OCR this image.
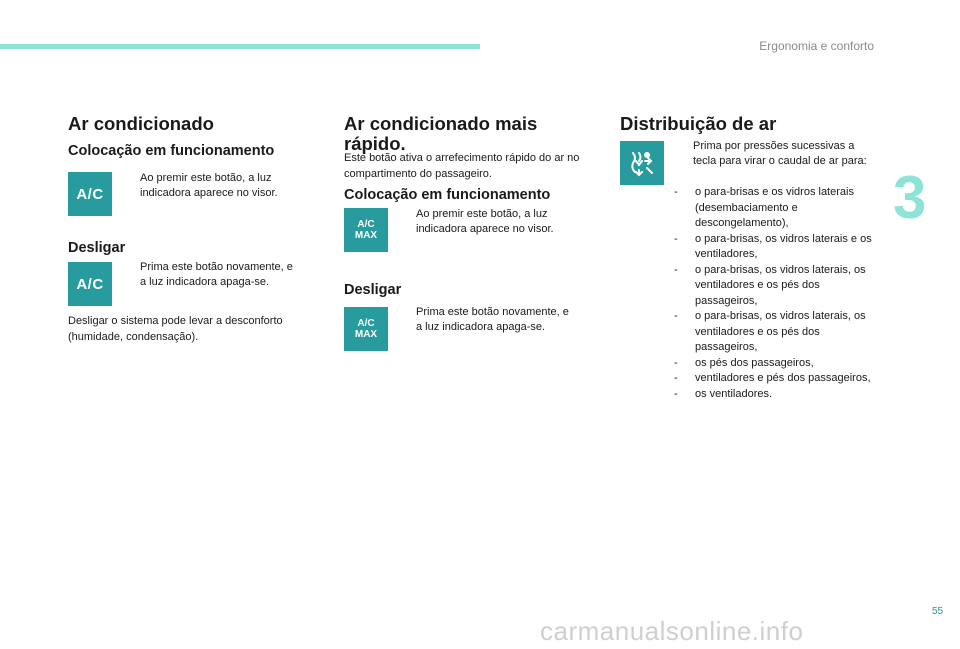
Ergonomia e conforto
3
Ar condicionado
Colocação em funcionamento
A/C
Ao premir este botão, a luz indicadora aparece no visor.
Desligar
A/C
Prima este botão novamente, e a luz indicadora apaga-se.

Desligar o sistema pode levar a desconforto (humidade, condensação).

Ar condicionado mais rápido.

Este botão ativa o arrefecimento rápido do ar no compartimento do passageiro.

Colocação em funcionamento
A/C
MAX
Ao premir este botão, a luz indicadora aparece no visor.
Desligar
A/C
MAX
Prima este botão novamente, e a luz indicadora apaga-se.
Distribuição de ar
Prima por pressões sucessivas a tecla para virar o caudal de ar para:
- o para-brisas e os vidros laterais (desembaciamento e descongelamento),
- o para-brisas, os vidros laterais e os ventiladores,
- o para-brisas, os vidros laterais, os ventiladores e os pés dos passageiros,
- o para-brisas, os vidros laterais, os ventiladores e os pés dos passageiros,
- os pés dos passageiros,
- ventiladores e pés dos passageiros,
- os ventiladores.
55
carmanualsonline.info
